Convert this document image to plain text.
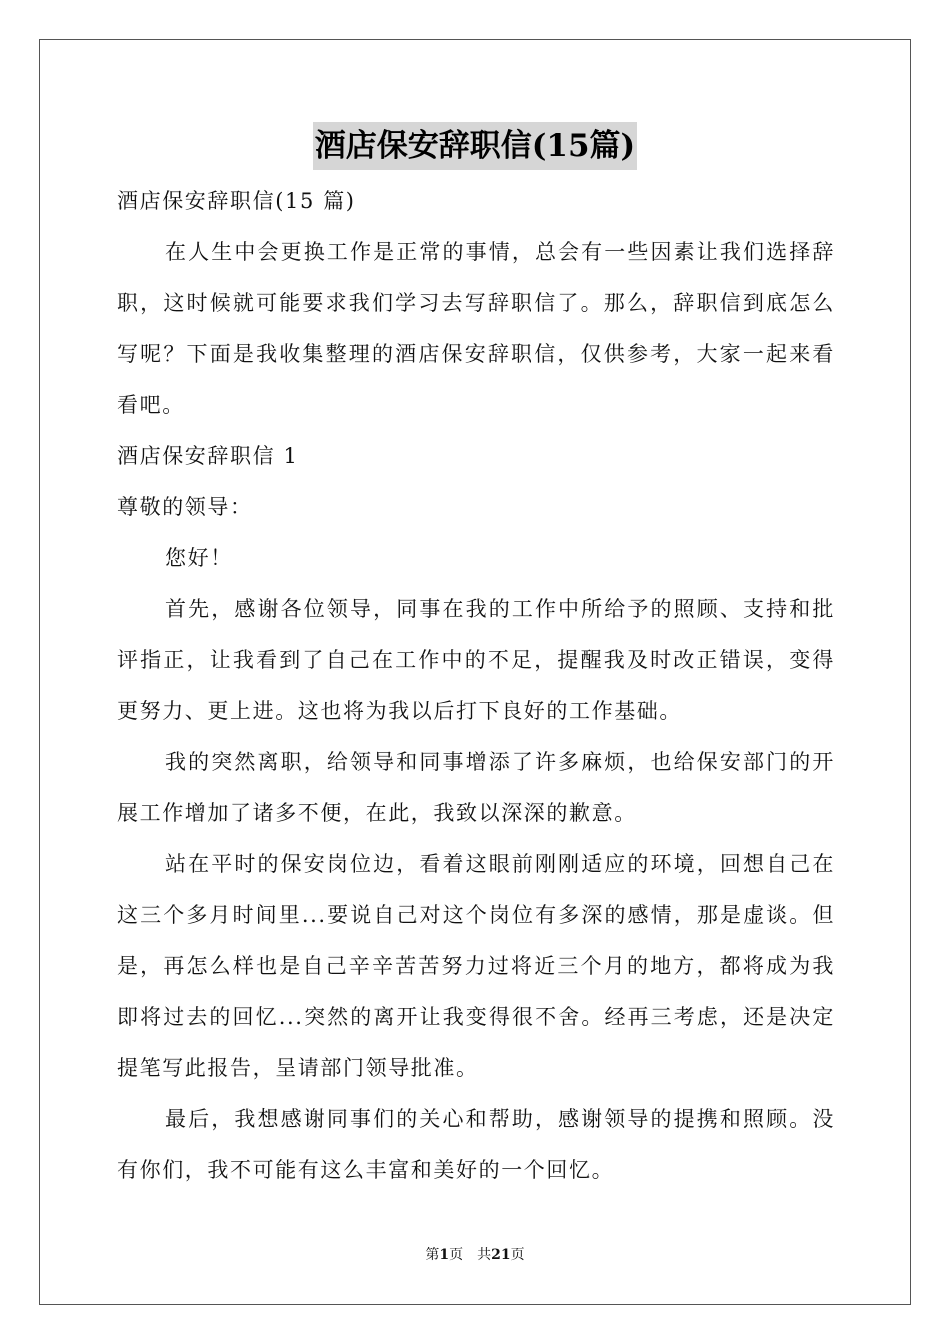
酒店保安辞职信(15篇)

酒店保安辞职信(15 篇)

在人生中会更换工作是正常的事情，总会有一些因素让我们选择辞职，这时候就可能要求我们学习去写辞职信了。那么，辞职信到底怎么写呢？下面是我收集整理的酒店保安辞职信，仅供参考，大家一起来看看吧。

酒店保安辞职信 1

尊敬的领导：

您好！

首先，感谢各位领导，同事在我的工作中所给予的照顾、支持和批评指正，让我看到了自己在工作中的不足，提醒我及时改正错误，变得更努力、更上进。这也将为我以后打下良好的工作基础。

我的突然离职，给领导和同事增添了许多麻烦，也给保安部门的开展工作增加了诸多不便，在此，我致以深深的歉意。

站在平时的保安岗位边，看着这眼前刚刚适应的环境，回想自己在这三个多月时间里...要说自己对这个岗位有多深的感情，那是虚谈。但是，再怎么样也是自己辛辛苦苦努力过将近三个月的地方，都将成为我即将过去的回忆...突然的离开让我变得很不舍。经再三考虑，还是决定提笔写此报告，呈请部门领导批准。

最后，我想感谢同事们的关心和帮助，感谢领导的提携和照顾。没有你们，我不可能有这么丰富和美好的一个回忆。

第1页　共21页
